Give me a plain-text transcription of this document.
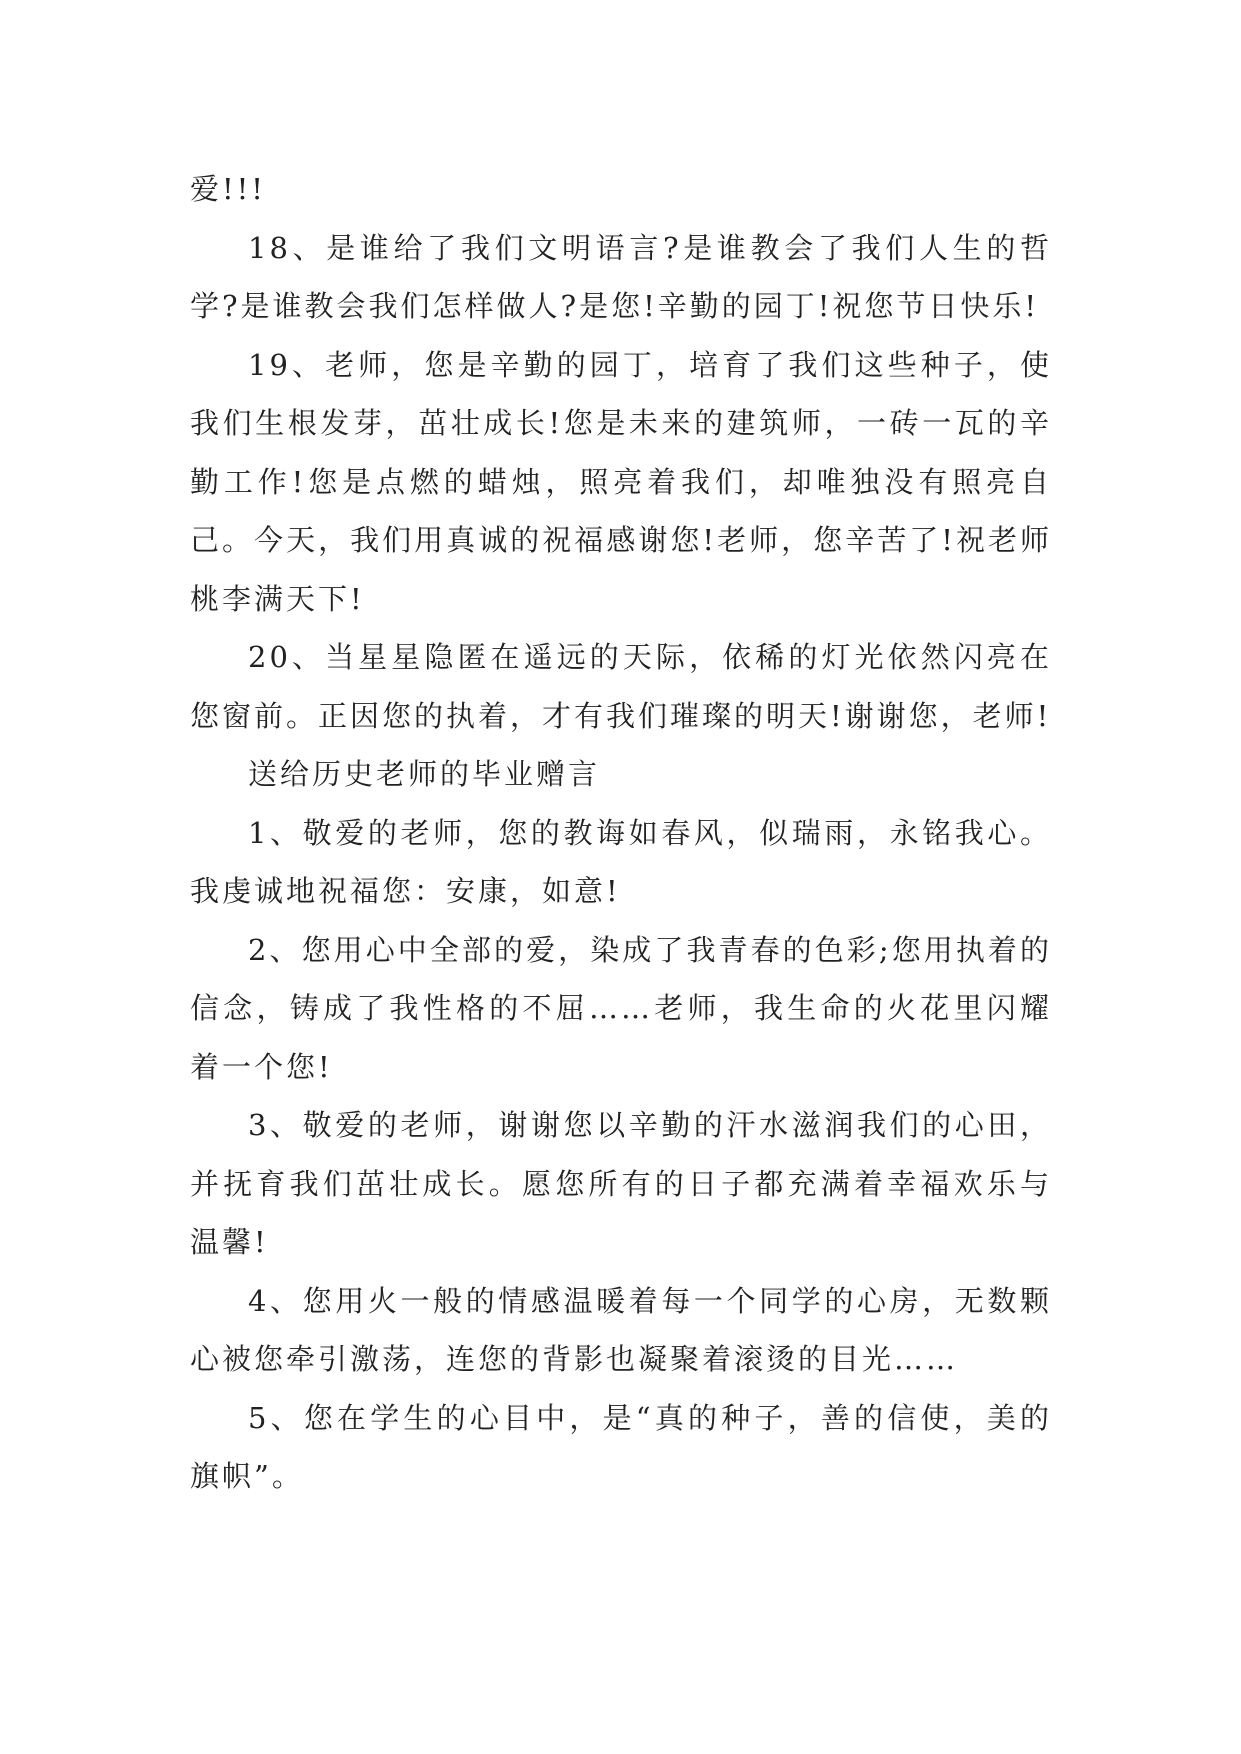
爱!!!

18、是谁给了我们文明语言?是谁教会了我们人生的哲学?是谁教会我们怎样做人?是您!辛勤的园丁!祝您节日快乐!

19、老师，您是辛勤的园丁，培育了我们这些种子，使我们生根发芽，茁壮成长!您是未来的建筑师，一砖一瓦的辛勤工作!您是点燃的蜡烛，照亮着我们，却唯独没有照亮自己。今天，我们用真诚的祝福感谢您!老师，您辛苦了!祝老师桃李满天下!

20、当星星隐匿在遥远的天际，依稀的灯光依然闪亮在您窗前。正因您的执着，才有我们璀璨的明天!谢谢您，老师!

送给历史老师的毕业赠言

1、敬爱的老师，您的教诲如春风，似瑞雨，永铭我心。我虔诚地祝福您：安康，如意!

2、您用心中全部的爱，染成了我青春的色彩;您用执着的信念，铸成了我性格的不屈……老师，我生命的火花里闪耀着一个您!

3、敬爱的老师，谢谢您以辛勤的汗水滋润我们的心田，并抚育我们茁壮成长。愿您所有的日子都充满着幸福欢乐与温馨!

4、您用火一般的情感温暖着每一个同学的心房，无数颗心被您牵引激荡，连您的背影也凝聚着滚烫的目光……

5、您在学生的心目中，是“真的种子，善的信使，美的旗帜”。
